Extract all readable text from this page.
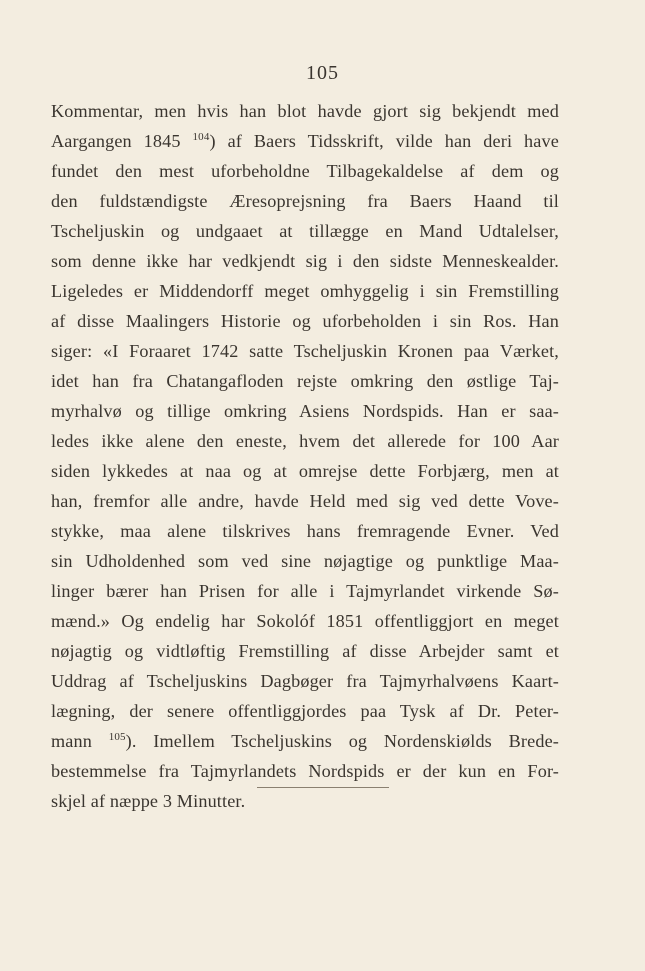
105
Kommentar, men hvis han blot havde gjort sig bekjendt med
Aargangen 1845 $^{104}$) af Baers Tidsskrift, vilde han deri have
fundet den mest uforbeholdne Tilbagekaldelse af dem og
den fuldstændigste Æresoprejsning fra Baers Haand til
Tscheljuskin og undgaaet at tillægge en Mand Udtalelser,
som denne ikke har vedkjendt sig i den sidste Menneskealder.
Ligeledes er Middendorff meget omhyggelig i sin Fremstilling
af disse Maalingers Historie og uforbeholden i sin Ros. Han
siger: «I Foraaret 1742 satte Tscheljuskin Kronen paa Værket,
idet han fra Chatangafloden rejste omkring den østlige Taj-
myrhalvø og tillige omkring Asiens Nordspids. Han er saa-
ledes ikke alene den eneste, hvem det allerede for 100 Aar
siden lykkedes at naa og at omrejse dette Forbjærg, men at
han, fremfor alle andre, havde Held med sig ved dette Vove-
stykke, maa alene tilskrives hans fremragende Evner. Ved
sin Udholdenhed som ved sine nøjagtige og punktlige Maa-
linger bærer han Prisen for alle i Tajmyrlandet virkende Sø-
mænd.» Og endelig har Sokolóf 1851 offentliggjort en meget
nøjagtig og vidtløftig Fremstilling af disse Arbejder samt et
Uddrag af Tscheljuskins Dagbøger fra Tajmyrhalvøens Kaart-
lægning, der senere offentliggjordes paa Tysk af Dr. Peter-
mann $^{105}$). Imellem Tscheljuskins og Nordenskiølds Brede-
bestemmelse fra Tajmyrlandets Nordspids er der kun en For-
skjel af næppe 3 Minutter.
